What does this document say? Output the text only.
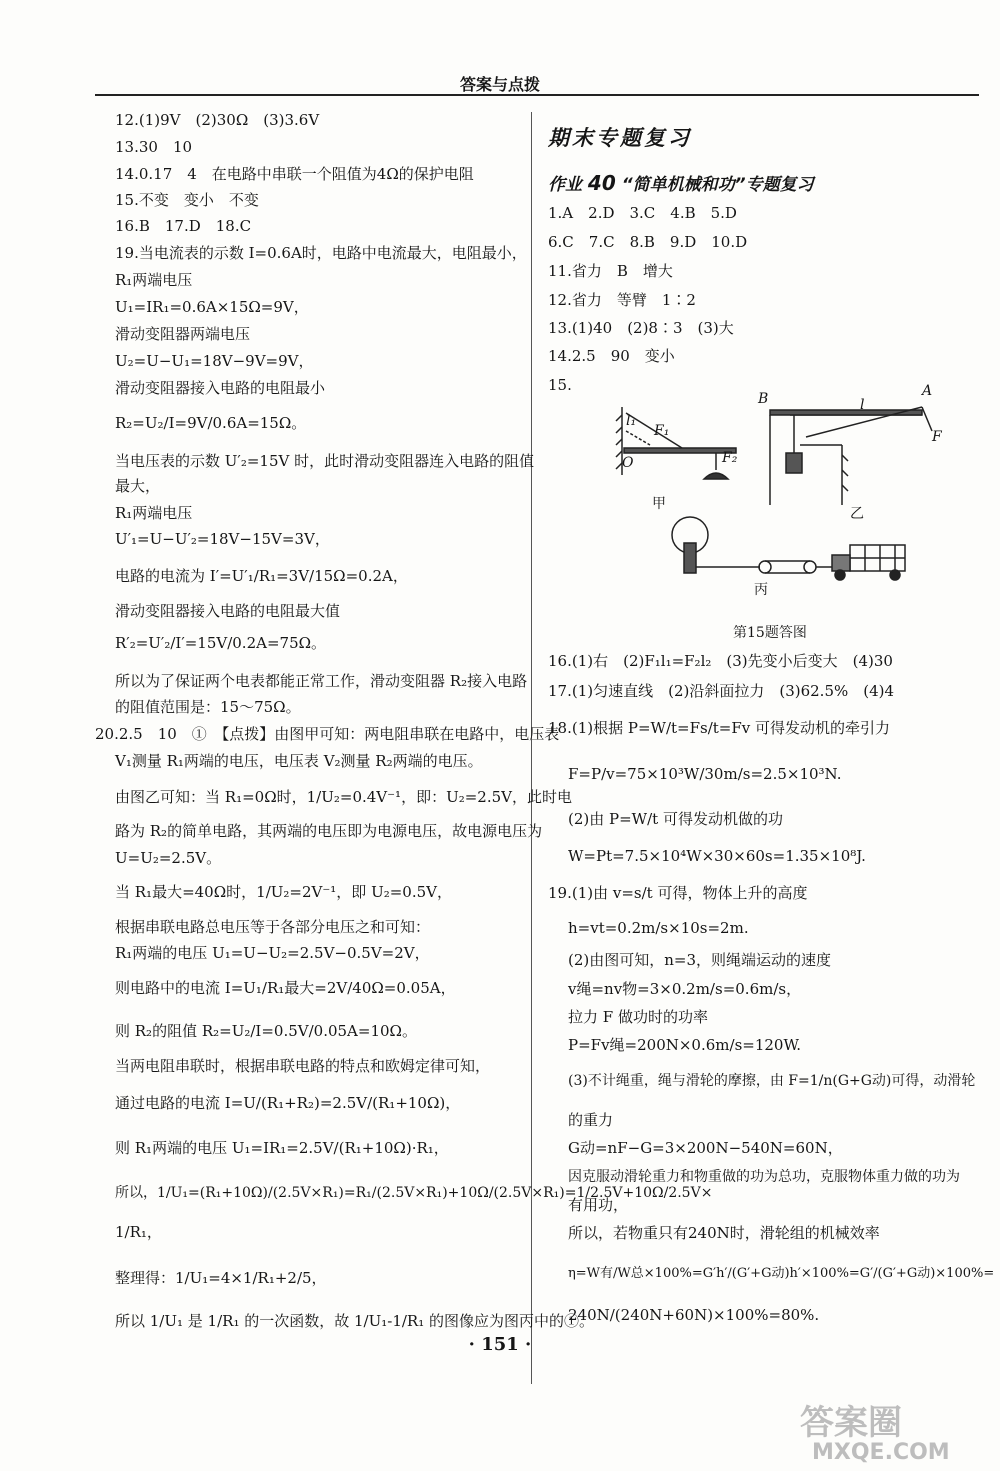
答案与点拨
12.(1)9V　(2)30Ω　(3)3.6V
13.30　10
14.0.17　4　在电路中串联一个阻值为4Ω的保护电阻
15.不变　变小　不变
16.B　17.D　18.C
19.当电流表的示数 I=0.6A时，电路中电流最大，电阻最小，
R₁两端电压
U₁=IR₁=0.6A×15Ω=9V，
滑动变阻器两端电压
U₂=U−U₁=18V−9V=9V，
滑动变阻器接入电路的电阻最小
R₂=U₂/I=9V/0.6A=15Ω。
当电压表的示数 U′₂=15V 时，此时滑动变阻器连入电路的阻值
最大，
R₁两端电压
U′₁=U−U′₂=18V−15V=3V，
电路的电流为 I′=U′₁/R₁=3V/15Ω=0.2A，
滑动变阻器接入电路的电阻最大值
R′₂=U′₂/I′=15V/0.2A=75Ω。
所以为了保证两个电表都能正常工作，滑动变阻器 R₂接入电路
的阻值范围是：15～75Ω。
20.2.5　10　①　【点拨】由图甲可知：两电阻串联在电路中，电压表
V₁测量 R₁两端的电压，电压表 V₂测量 R₂两端的电压。
由图乙可知：当 R₁=0Ω时，1/U₂=0.4V⁻¹，即：U₂=2.5V，此时电
路为 R₂的简单电路，其两端的电压即为电源电压，故电源电压为
U=U₂=2.5V。
当 R₁最大=40Ω时，1/U₂=2V⁻¹，即 U₂=0.5V，
根据串联电路总电压等于各部分电压之和可知：
R₁两端的电压 U₁=U−U₂=2.5V−0.5V=2V，
则电路中的电流 I=U₁/R₁最大=2V/40Ω=0.05A，
则 R₂的阻值 R₂=U₂/I=0.5V/0.05A=10Ω。
当两电阻串联时，根据串联电路的特点和欧姆定律可知，
通过电路的电流 I=U/(R₁+R₂)=2.5V/(R₁+10Ω)，
则 R₁两端的电压 U₁=IR₁=2.5V/(R₁+10Ω)·R₁，
所以，1/U₁=(R₁+10Ω)/(2.5V×R₁)=R₁/(2.5V×R₁)+10Ω/(2.5V×R₁)=1/2.5V+10Ω/2.5V×
1/R₁，
整理得：1/U₁=4×1/R₁+2/5，
所以 1/U₁ 是 1/R₁ 的一次函数，故 1/U₁-1/R₁ 的图像应为图丙中的①。
期末专题复习
作业 40 “简单机械和功”专题复习
1.A　2.D　3.C　4.B　5.D
6.C　7.C　8.B　9.D　10.D
11.省力　B　增大
12.省力　等臂　1∶2
13.(1)40　(2)8∶3　(3)大
14.2.5　90　变小
15.
O
F₁
l₁
F₂
甲
A
B	l
F
乙
丙
第15题答图
16.(1)右　(2)F₁l₁=F₂l₂　(3)先变小后变大　(4)30
17.(1)匀速直线　(2)沿斜面拉力　(3)62.5%　(4)4
18.(1)根据 P=W/t=Fs/t=Fv 可得发动机的牵引力
F=P/v=75×10³W/30m/s=2.5×10³N.
(2)由 P=W/t 可得发动机做的功
W=Pt=7.5×10⁴W×30×60s=1.35×10⁸J.
19.(1)由 v=s/t 可得，物体上升的高度
h=vt=0.2m/s×10s=2m.
(2)由图可知，n=3，则绳端运动的速度
v绳=nv物=3×0.2m/s=0.6m/s，
拉力 F 做功时的功率
P=Fv绳=200N×0.6m/s=120W.
(3)不计绳重，绳与滑轮的摩擦，由 F=1/n(G+G动)可得，动滑轮
的重力
G动=nF−G=3×200N−540N=60N，
因克服动滑轮重力和物重做的功为总功，克服物体重力做的功为
有用功，
所以，若物重只有240N时，滑轮组的机械效率
η=W有/W总×100%=G′h′/(G′+G动)h′×100%=G′/(G′+G动)×100%=
240N/(240N+60N)×100%=80%.
· 151 ·
答案圈
MXQE.COM
